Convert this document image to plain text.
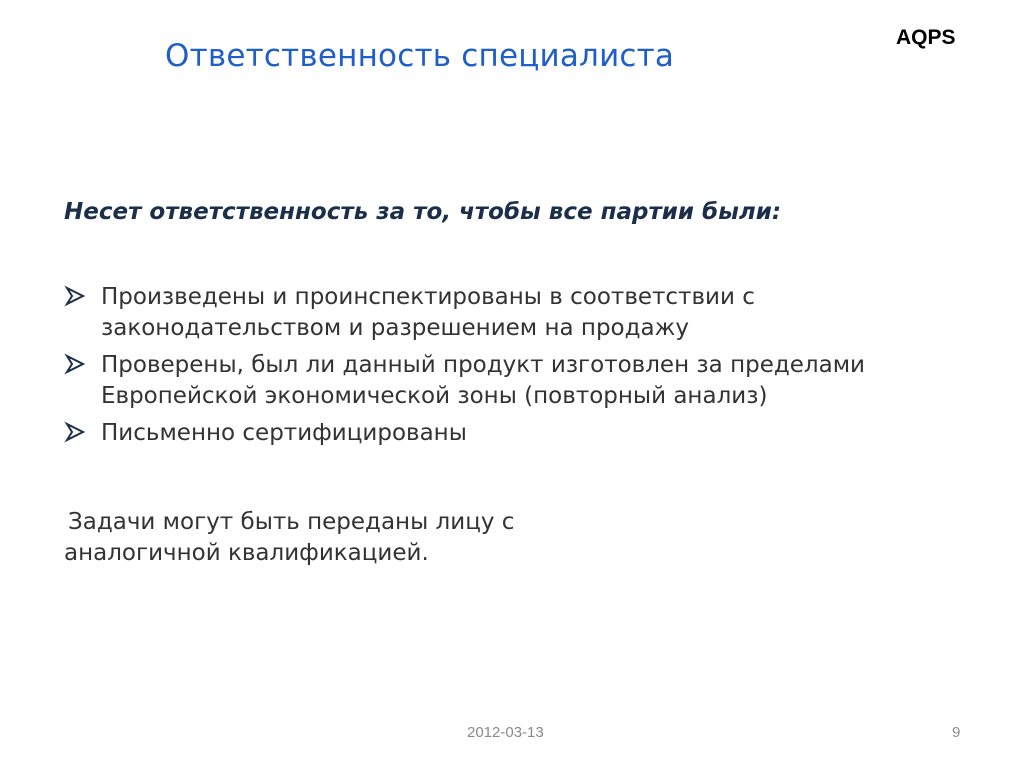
Ответственность специалиста
AQPS
Несет ответственность за то, чтобы все партии были:
Произведены и проинспектированы в соответствии с законодательством и разрешением на продажу
Проверены, был ли данный продукт изготовлен за пределами Европейской экономической зоны (повторный анализ)
Письменно сертифицированы
Задачи могут быть переданы лицу с
аналогичной квалификацией.
2012-03-13	9
